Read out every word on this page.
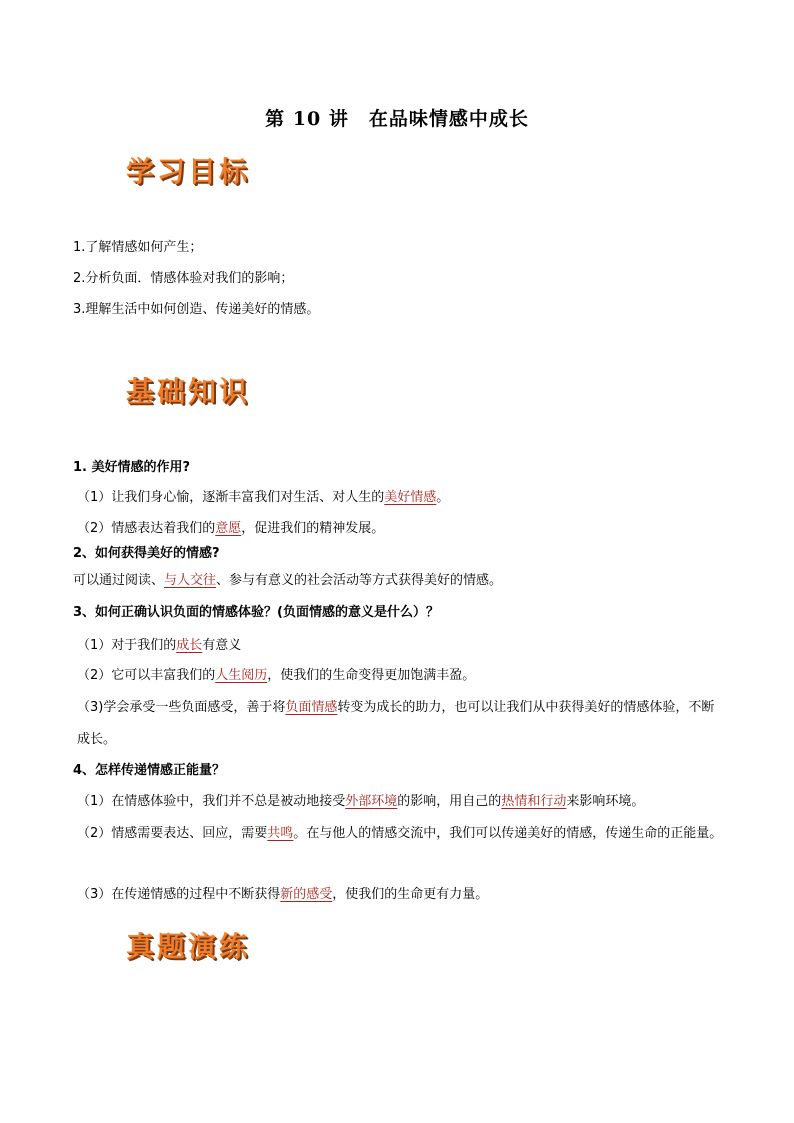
第 10 讲　在品味情感中成长
学习目标
1.了解情感如何产生；
2.分析负面．情感体验对我们的影响；
3.理解生活中如何创造、传递美好的情感。
基础知识
1. 美好情感的作用?
（1）让我们身心愉，逐渐丰富我们对生活、对人生的美好情感。
（2）情感表达着我们的意愿，促进我们的精神发展。
2、如何获得美好的情感?
可以通过阅读、与人交往、参与有意义的社会活动等方式获得美好的情感。
3、如何正确认识负面的情感体验？(负面情感的意义是什么）？
（1）对于我们的成长有意义
（2）它可以丰富我们的人生阅历，使我们的生命变得更加饱满丰盈。
（3)学会承受一些负面感受，善于将负面情感转变为成长的助力，也可以让我们从中获得美好的情感体验，不断成长。
4、怎样传递情感正能量？
（1）在情感体验中，我们并不总是被动地接受外部环境的影响，用自己的热情和行动来影响环境。
（2）情感需要表达、回应，需要共鸣。在与他人的情感交流中，我们可以传递美好的情感，传递生命的正能量。
（3）在传递情感的过程中不断获得新的感受，使我们的生命更有力量。
真题演练
